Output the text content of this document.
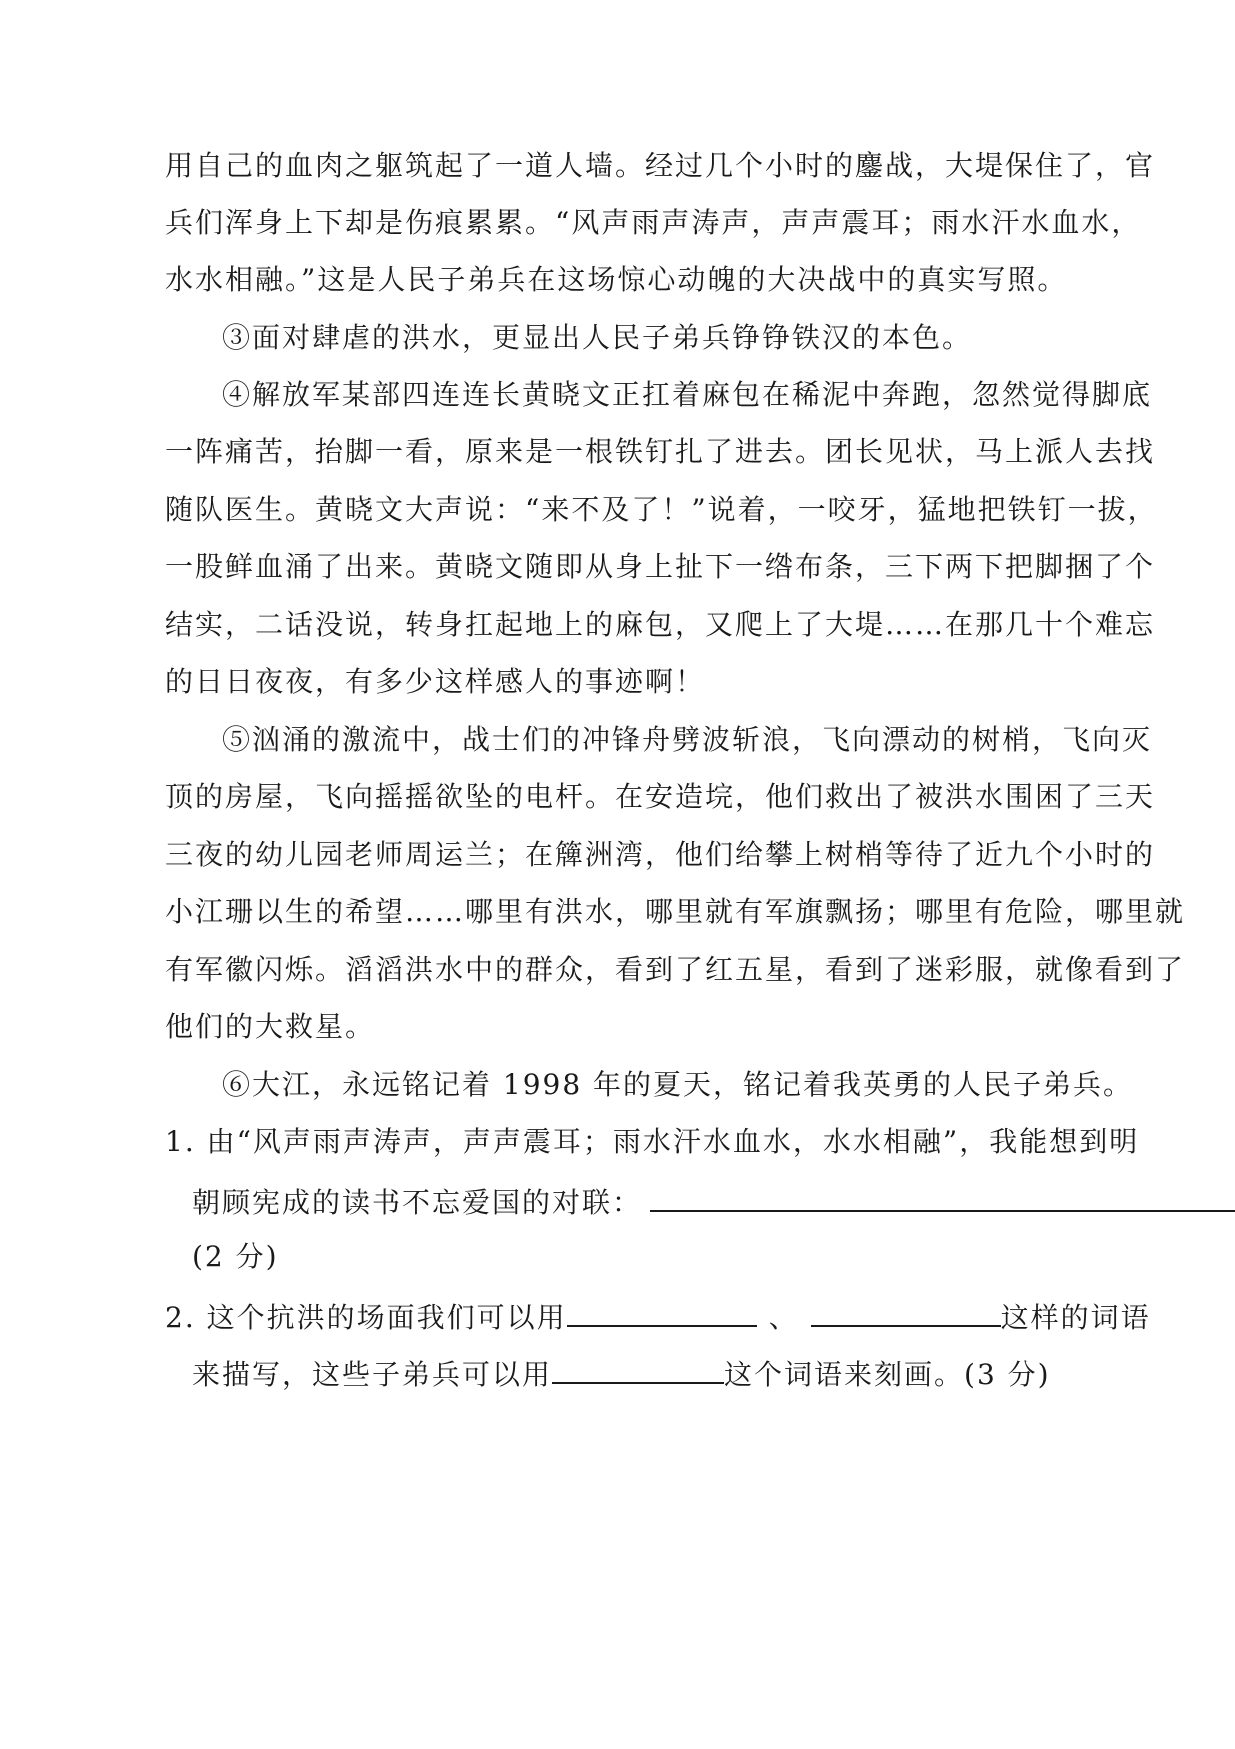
用自己的血肉之躯筑起了一道人墙。经过几个小时的鏖战，大堤保住了，官
兵们浑身上下却是伤痕累累。“风声雨声涛声，声声震耳；雨水汗水血水，
水水相融。”这是人民子弟兵在这场惊心动魄的大决战中的真实写照。
③面对肆虐的洪水，更显出人民子弟兵铮铮铁汉的本色。
④解放军某部四连连长黄晓文正扛着麻包在稀泥中奔跑，忽然觉得脚底
一阵痛苦，抬脚一看，原来是一根铁钉扎了进去。团长见状，马上派人去找
随队医生。黄晓文大声说：“来不及了！”说着，一咬牙，猛地把铁钉一拔，
一股鲜血涌了出来。黄晓文随即从身上扯下一绺布条，三下两下把脚捆了个
结实，二话没说，转身扛起地上的麻包，又爬上了大堤……在那几十个难忘
的日日夜夜，有多少这样感人的事迹啊！
⑤汹涌的激流中，战士们的冲锋舟劈波斩浪，飞向漂动的树梢，飞向灭
顶的房屋，飞向摇摇欲坠的电杆。在安造垸，他们救出了被洪水围困了三天
三夜的幼儿园老师周运兰；在簰洲湾，他们给攀上树梢等待了近九个小时的
小江珊以生的希望……哪里有洪水，哪里就有军旗飘扬；哪里有危险，哪里就
有军徽闪烁。滔滔洪水中的群众，看到了红五星，看到了迷彩服，就像看到了
他们的大救星。
⑥大江，永远铭记着 1998 年的夏天，铭记着我英勇的人民子弟兵。
1. 由“风声雨声涛声，声声震耳；雨水汗水血水，水水相融”，我能想到明
朝顾宪成的读书不忘爱国的对联：
(2 分)
2. 这个抗洪的场面我们可以用	、	这样的词语
来描写，这些子弟兵可以用	这个词语来刻画。(3 分)
